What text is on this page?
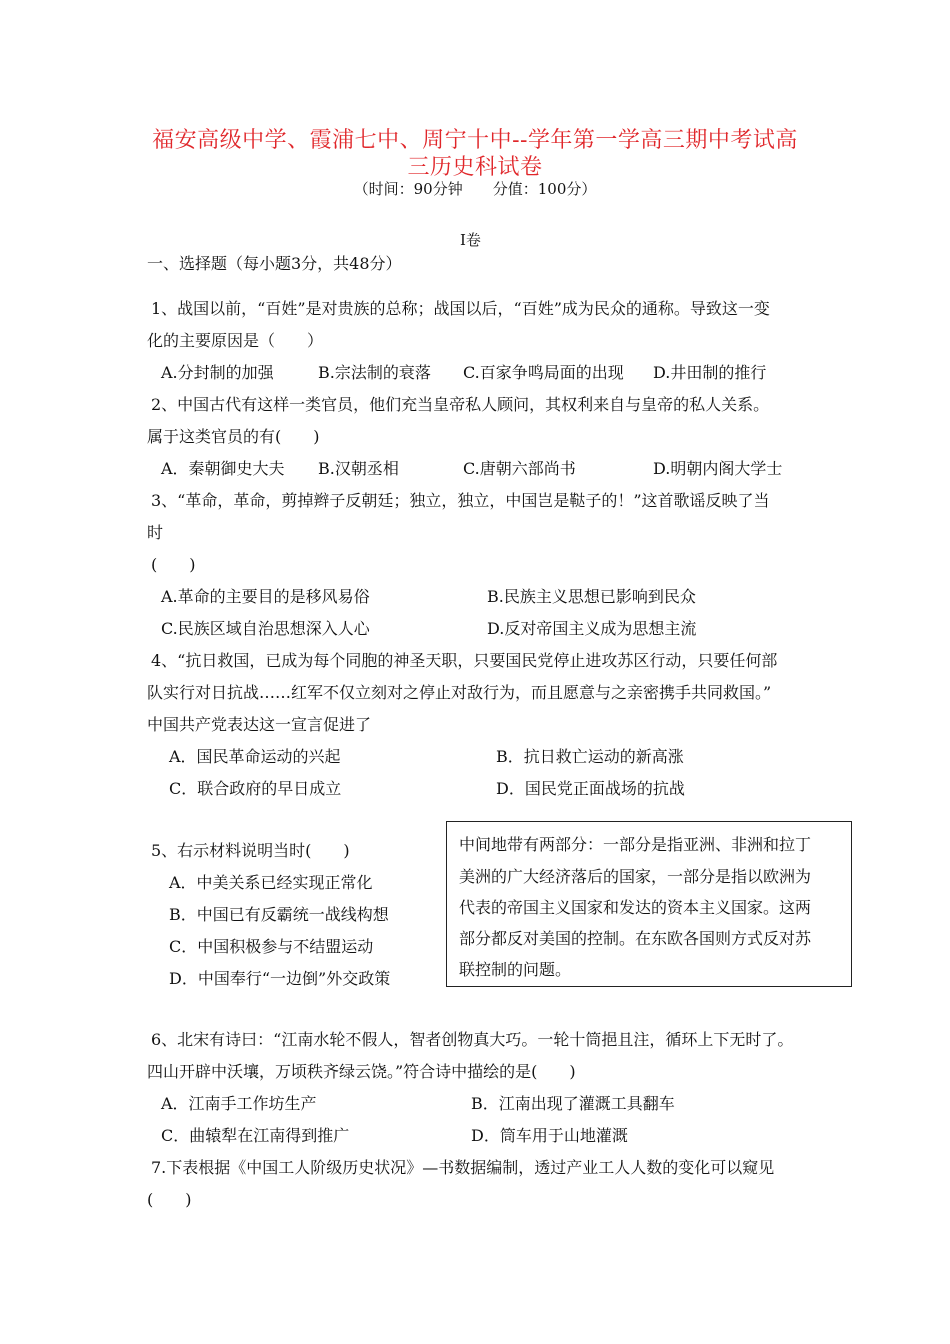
福安高级中学、霞浦七中、周宁十中--学年第一学高三期中考试高
三历史科试卷
（时间：90分钟　　分值：100分）
I卷
一、选择题（每小题3分，共48分）
1、战国以前，“百姓”是对贵族的总称；战国以后，“百姓”成为民众的通称。导致这一变
化的主要原因是（　　）
A.分封制的加强	B.宗法制的衰落 C.百家争鸣局面的出现 D.井田制的推行
2、中国古代有这样一类官员，他们充当皇帝私人顾问，其权利来自与皇帝的私人关系。
属于这类官员的有(　　)
A．秦朝御史大夫 B.汉朝丞相	C.唐朝六部尚书	D.明朝内阁大学士
3、“革命，革命，剪掉辫子反朝廷；独立，独立，中国岂是鞑子的！”这首歌谣反映了当
时
(　　)
A.革命的主要目的是移风易俗	B.民族主义思想已影响到民众
C.民族区域自治思想深入人心	D.反对帝国主义成为思想主流
4、“抗日救国，已成为每个同胞的神圣天职，只要国民党停止进攻苏区行动，只要任何部
队实行对日抗战……红军不仅立刻对之停止对敌行为，而且愿意与之亲密携手共同救国。”
中国共产党表达这一宣言促进了
A．国民革命运动的兴起	B．抗日救亡运动的新高涨
C．联合政府的早日成立	D．国民党正面战场的抗战
5、右示材料说明当时(　　)
A．中美关系已经实现正常化
B．中国已有反霸统一战线构想
C．中国积极参与不结盟运动
D．中国奉行“一边倒”外交政策
中间地带有两部分：一部分是指亚洲、非洲和拉丁
美洲的广大经济落后的国家，一部分是指以欧洲为
代表的帝国主义国家和发达的资本主义国家。这两
部分都反对美国的控制。在东欧各国则方式反对苏
联控制的问题。
6、北宋有诗曰：“江南水轮不假人，智者创物真大巧。一轮十筒挹且注，循环上下无时了。
四山开辟中沃壤，万顷秩齐绿云饶。”符合诗中描绘的是(　　)
A．江南手工作坊生产	B．江南出现了灌溉工具翻车
C．曲辕犁在江南得到推广	D．筒车用于山地灌溉
7.下表根据《中国工人阶级历史状况》—书数据编制，透过产业工人人数的变化可以窥见
(　　)
